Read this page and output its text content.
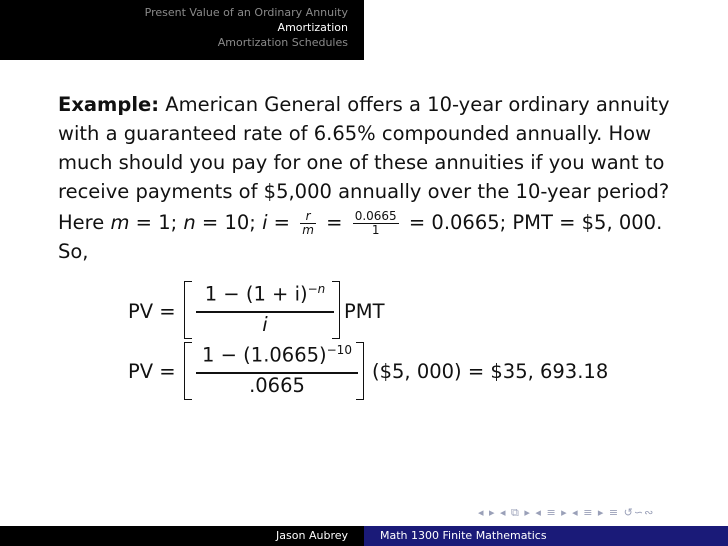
Present Value of an Ordinary Annuity
Amortization
Amortization Schedules

Example: American General offers a 10-year ordinary annuity with a guaranteed rate of 6.65% compounded annually. How much should you pay for one of these annuities if you want to receive payments of $5,000 annually over the 10-year period?

Here m = 1; n = 10; $i = \frac{r}{m} = \frac{0.0665}{1} = 0.0665$; PMT = $5, 000.
So,
PV =
$1 - (1 + i)^{-n}$
i
PMT
PV =
$1 - (1.0665)^{-10}$
.0665
($5, 000) = $35, 693.18
◂ ▸ ◂ ⧉ ▸ ◂ ≡ ▸ ◂ ≡ ▸ ≡ ↺∽∾
Jason Aubrey	Math 1300 Finite Mathematics
